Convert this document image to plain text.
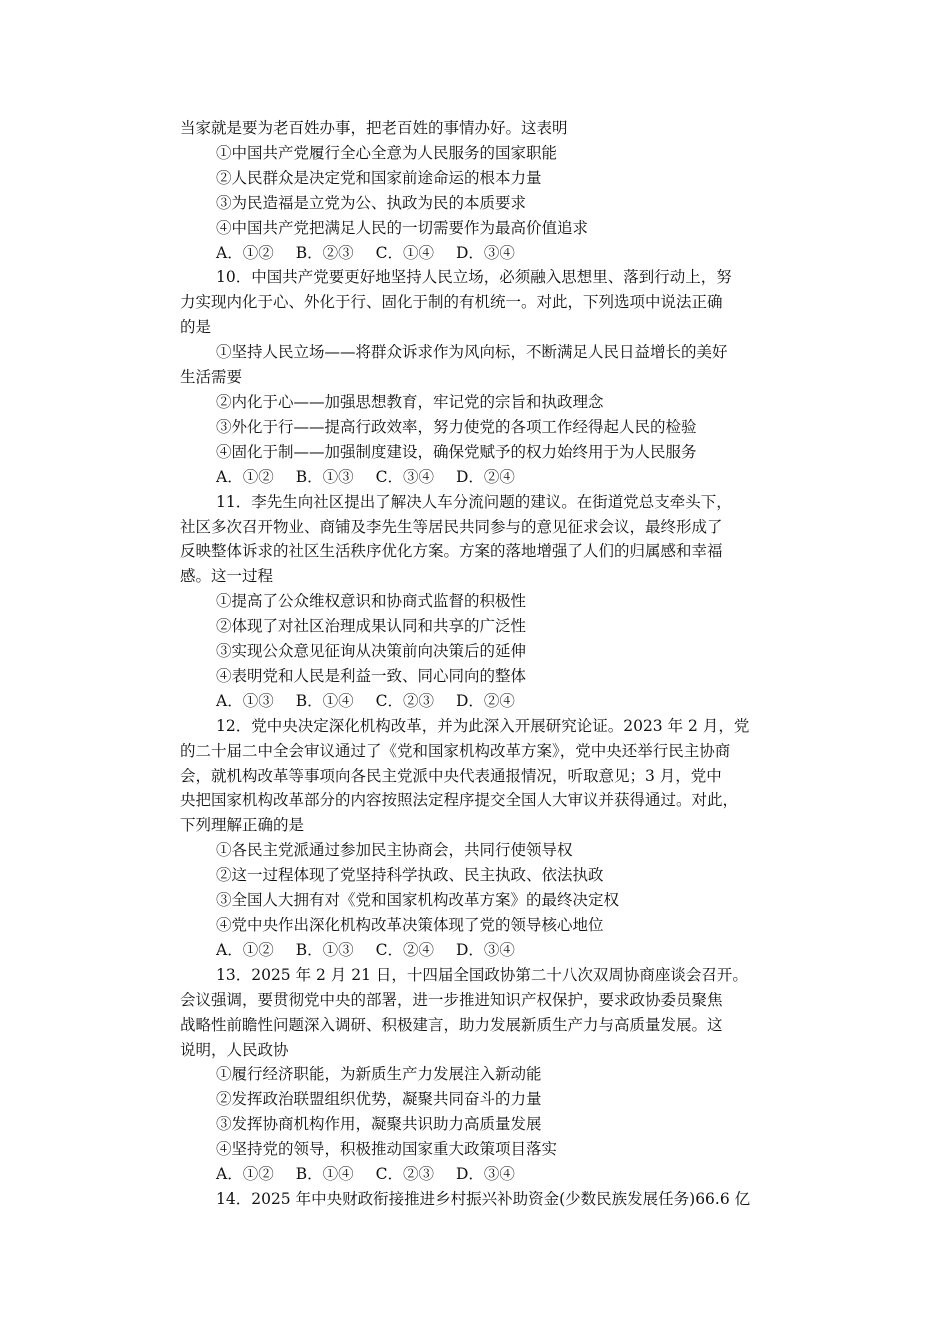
当家就是要为老百姓办事，把老百姓的事情办好。这表明
①中国共产党履行全心全意为人民服务的国家职能
②人民群众是决定党和国家前途命运的根本力量
③为民造福是立党为公、执政为民的本质要求
④中国共产党把满足人民的一切需要作为最高价值追求
A．①② B．②③ C．①④ D．③④
10．中国共产党要更好地坚持人民立场，必须融入思想里、落到行动上，努
力实现内化于心、外化于行、固化于制的有机统一。对此，下列选项中说法正确
的是
①坚持人民立场——将群众诉求作为风向标，不断满足人民日益增长的美好
生活需要
②内化于心——加强思想教育，牢记党的宗旨和执政理念
③外化于行——提高行政效率，努力使党的各项工作经得起人民的检验
④固化于制——加强制度建设，确保党赋予的权力始终用于为人民服务
A．①② B．①③ C．③④ D．②④
11．李先生向社区提出了解决人车分流问题的建议。在街道党总支牵头下，
社区多次召开物业、商铺及李先生等居民共同参与的意见征求会议，最终形成了
反映整体诉求的社区生活秩序优化方案。方案的落地增强了人们的归属感和幸福
感。这一过程
①提高了公众维权意识和协商式监督的积极性
②体现了对社区治理成果认同和共享的广泛性
③实现公众意见征询从决策前向决策后的延伸
④表明党和人民是利益一致、同心同向的整体
A．①③ B．①④ C．②③ D．②④
12．党中央决定深化机构改革，并为此深入开展研究论证。2023 年 2 月，党
的二十届二中全会审议通过了《党和国家机构改革方案》，党中央还举行民主协商
会，就机构改革等事项向各民主党派中央代表通报情况，听取意见；3 月，党中
央把国家机构改革部分的内容按照法定程序提交全国人大审议并获得通过。对此，
下列理解正确的是
①各民主党派通过参加民主协商会，共同行使领导权
②这一过程体现了党坚持科学执政、民主执政、依法执政
③全国人大拥有对《党和国家机构改革方案》的最终决定权
④党中央作出深化机构改革决策体现了党的领导核心地位
A．①② B．①③ C．②④ D．③④
13．2025 年 2 月 21 日，十四届全国政协第二十八次双周协商座谈会召开。
会议强调，要贯彻党中央的部署，进一步推进知识产权保护，要求政协委员聚焦
战略性前瞻性问题深入调研、积极建言，助力发展新质生产力与高质量发展。这
说明，人民政协
①履行经济职能，为新质生产力发展注入新动能
②发挥政治联盟组织优势，凝聚共同奋斗的力量
③发挥协商机构作用，凝聚共识助力高质量发展
④坚持党的领导，积极推动国家重大政策项目落实
A．①② B．①④ C．②③ D．③④
14．2025 年中央财政衔接推进乡村振兴补助资金(少数民族发展任务)66.6 亿
